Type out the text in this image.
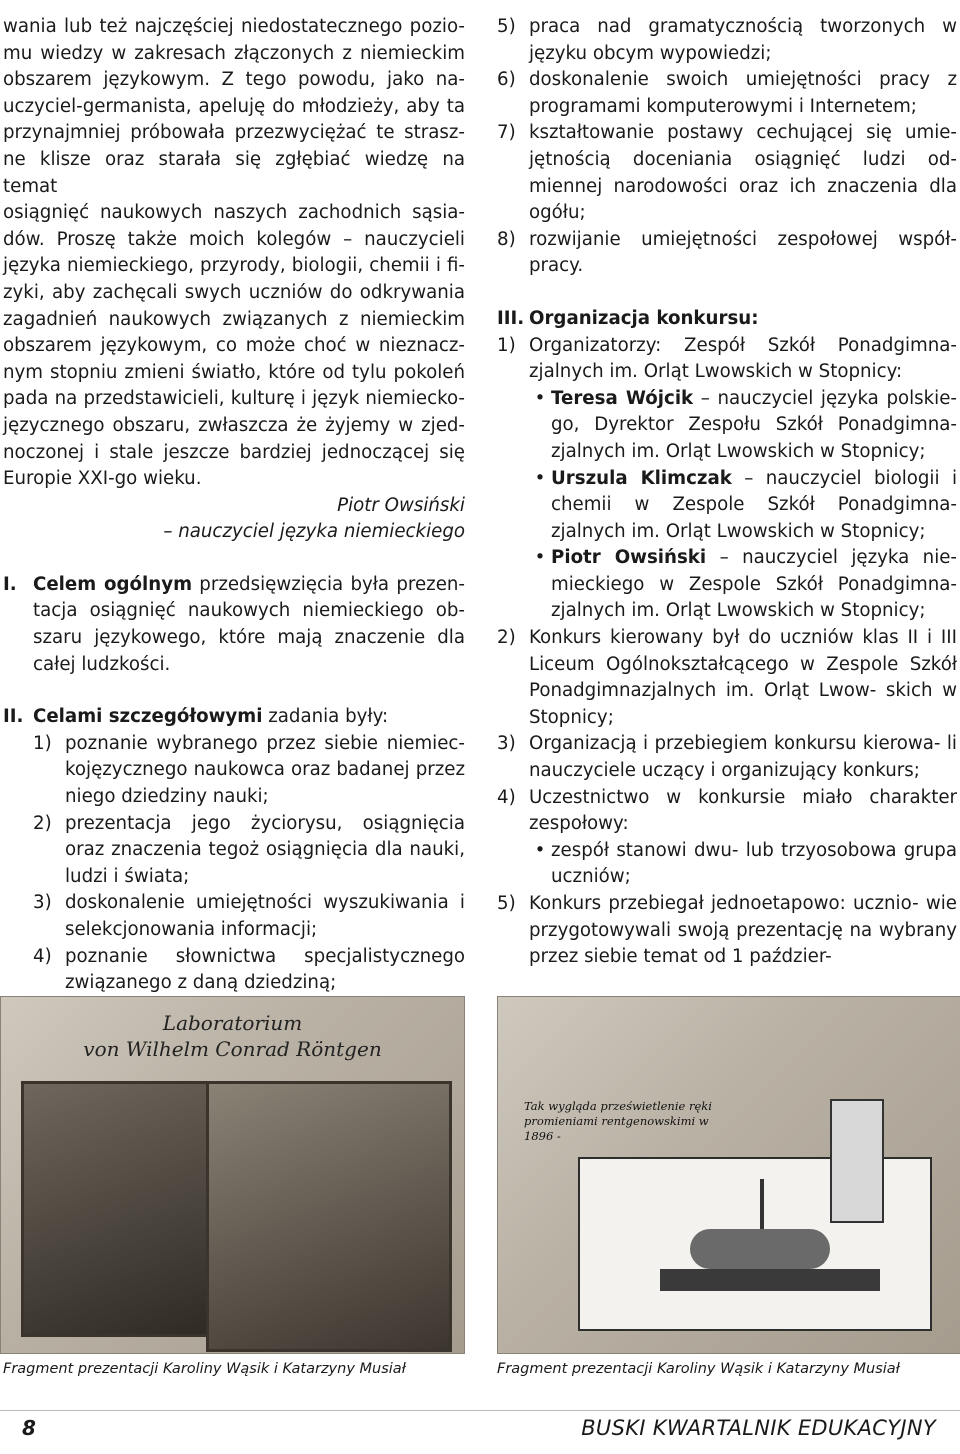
wania lub też najczęściej niedostatecznego pozio-
mu wiedzy w zakresach złączonych z niemieckim
obszarem językowym. Z tego powodu, jako na-
uczyciel-germanista, apeluję do młodzieży, aby ta
przynajmniej próbowała przezwyciężać te strasz-
ne klisze oraz starała się zgłębiać wiedzę na temat
osiągnięć naukowych naszych zachodnich sąsia-
dów. Proszę także moich kolegów – nauczycieli
języka niemieckiego, przyrody, biologii, chemii i fi-
zyki, aby zachęcali swych uczniów do odkrywania
zagadnień naukowych związanych z niemieckim
obszarem językowym, co może choć w nieznacz-
nym stopniu zmieni światło, które od tylu pokoleń
pada na przedstawicieli, kulturę i język niemiecko-
języcznego obszaru, zwłaszcza że żyjemy w zjed-
noczonej i stale jeszcze bardziej jednoczącej się
Europie XXI-go wieku.

Piotr Owsiński

– nauczyciel języka niemieckiego

I. Celem ogólnym przedsięwzięcia była prezen- tacja osiągnięć naukowych niemieckiego ob- szaru językowego, które mają znaczenie dla całej ludzkości.

II. Celami szczegółowymi zadania były:

1) poznanie wybranego przez siebie niemiec- kojęzycznego naukowca oraz badanej przez niego dziedziny nauki;
2) prezentacja jego życiorysu, osiągnięcia oraz znaczenia tegoż osiągnięcia dla nauki, ludzi i świata;
3) doskonalenie umiejętności wyszukiwania i selekcjonowania informacji;
4) poznanie słownictwa specjalistycznego związanego z daną dziedziną;
5) praca nad gramatycznością tworzonych w języku obcym wypowiedzi;
6) doskonalenie swoich umiejętności pracy z programami komputerowymi i Internetem;
7) kształtowanie postawy cechującej się umie- jętnością doceniania osiągnięć ludzi od- miennej narodowości oraz ich znaczenia dla ogółu;
8) rozwijanie umiejętności zespołowej współ- pracy.
III. Organizacja konkursu:
1) Organizatorzy: Zespół Szkół Ponadgimna- zjalnych im. Orląt Lwowskich w Stopnicy:
• Teresa Wójcik – nauczyciel języka polskie- go, Dyrektor Zespołu Szkół Ponadgimna- zjalnych im. Orląt Lwowskich w Stopnicy;
• Urszula Klimczak – nauczyciel biologii i chemii w Zespole Szkół Ponadgimna- zjalnych im. Orląt Lwowskich w Stopnicy;
• Piotr Owsiński – nauczyciel języka nie- mieckiego w Zespole Szkół Ponadgimna- zjalnych im. Orląt Lwowskich w Stopnicy;
2) Konkurs kierowany był do uczniów klas II i III Liceum Ogólnokształcącego w Zespole Szkół Ponadgimnazjalnych im. Orląt Lwow- skich w Stopnicy;
3) Organizacją i przebiegiem konkursu kierowa- li nauczyciele uczący i organizujący konkurs;
4) Uczestnictwo w konkursie miało charakter zespołowy:
• zespół stanowi dwu- lub trzyosobowa grupa uczniów;
5) Konkurs przebiegał jednoetapowo: ucznio- wie przygotowywali swoją prezentację na wybrany przez siebie temat od 1 paździer-
Laboratorium
von Wilhelm Conrad Röntgen
Tak wygląda prześwietlenie ręki promieniami rentgenowskimi w 1896 -
Fragment prezentacji Karoliny Wąsik i Katarzyny Musiał	Fragment prezentacji Karoliny Wąsik i Katarzyny Musiał
8	BUSKI KWARTALNIK EDUKACYJNY
